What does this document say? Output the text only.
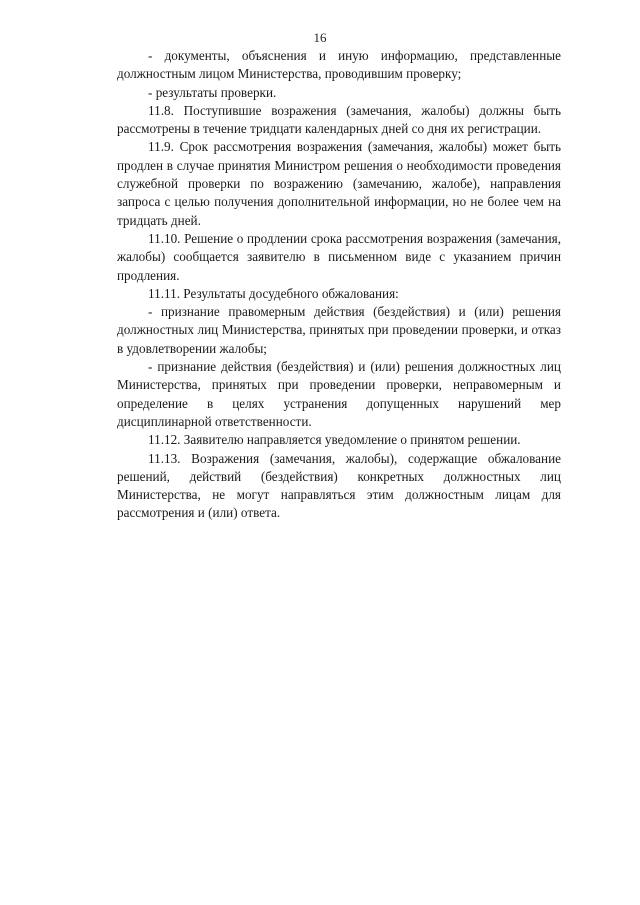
16

- документы, объяснения и иную информацию, представленные должностным лицом Министерства, проводившим проверку;

- результаты проверки.

11.8. Поступившие возражения (замечания, жалобы) должны быть рассмотрены в течение тридцати календарных дней со дня их регистрации.

11.9. Срок рассмотрения возражения (замечания, жалобы) может быть продлен в случае принятия Министром решения о необходимости проведения служебной проверки по возражению (замечанию, жалобе), направления запроса с целью получения дополнительной информации, но не более чем на тридцать дней.

11.10. Решение о продлении срока рассмотрения возражения (замечания, жалобы) сообщается заявителю в письменном виде с указанием причин продления.

11.11. Результаты досудебного обжалования:

- признание правомерным действия (бездействия) и (или) решения должностных лиц Министерства, принятых при проведении проверки, и отказ в удовлетворении жалобы;

- признание действия (бездействия) и (или) решения должностных лиц Министерства, принятых при проведении проверки, неправомерным и определение в целях устранения допущенных нарушений мер дисциплинарной ответственности.

11.12. Заявителю направляется уведомление о принятом решении.

11.13. Возражения (замечания, жалобы), содержащие обжалование решений, действий (бездействия) конкретных должностных лиц Министерства, не могут направляться этим должностным лицам для рассмотрения и (или) ответа.
